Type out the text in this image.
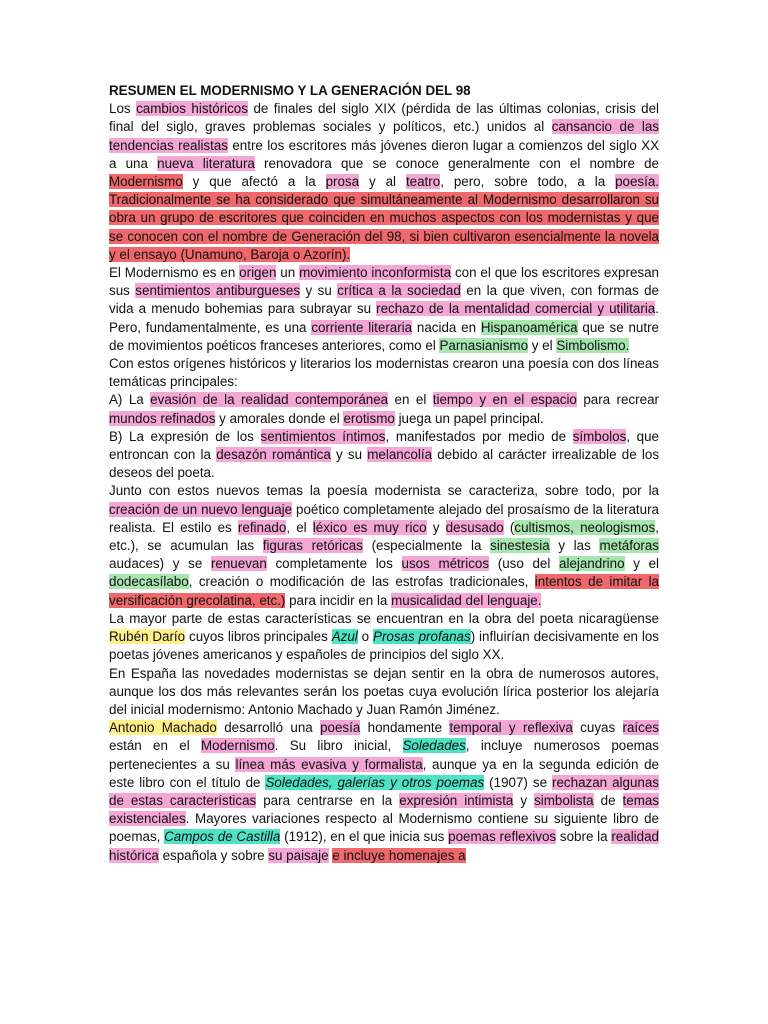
RESUMEN EL MODERNISMO Y LA GENERACIÓN DEL 98

Los cambios históricos de finales del siglo XIX (pérdida de las últimas colonias, crisis del final del siglo, graves problemas sociales y políticos, etc.) unidos al cansancio de las tendencias realistas entre los escritores más jóvenes dieron lugar a comienzos del siglo XX a una nueva literatura renovadora que se conoce generalmente con el nombre de Modernismo y que afectó a la prosa y al teatro, pero, sobre todo, a la poesía. Tradicionalmente se ha considerado que simultáneamente al Modernismo desarrollaron su obra un grupo de escritores que coinciden en muchos aspectos con los modernistas y que se conocen con el nombre de Generación del 98, si bien cultivaron esencialmente la novela y el ensayo (Unamuno, Baroja o Azorín).

El Modernismo es en origen un movimiento inconformista con el que los escritores expresan sus sentimientos antiburgueses y su crítica a la sociedad en la que viven, con formas de vida a menudo bohemias para subrayar su rechazo de la mentalidad comercial y utilitaria. Pero, fundamentalmente, es una corriente literaria nacida en Hispanoamérica que se nutre de movimientos poéticos franceses anteriores, como el Parnasianismo y el Simbolismo.

Con estos orígenes históricos y literarios los modernistas crearon una poesía con dos líneas temáticas principales:

A) La evasión de la realidad contemporánea en el tiempo y en el espacio para recrear mundos refinados y amorales donde el erotismo juega un papel principal.

B) La expresión de los sentimientos íntimos, manifestados por medio de símbolos, que entroncan con la desazón romántica y su melancolía debido al carácter irrealizable de los deseos del poeta.

Junto con estos nuevos temas la poesía modernista se caracteriza, sobre todo, por la creación de un nuevo lenguaje poético completamente alejado del prosaísmo de la literatura realista. El estilo es refinado, el léxico es muy rico y desusado (cultismos, neologismos, etc.), se acumulan las figuras retóricas (especialmente la sinestesia y las metáforas audaces) y se renuevan completamente los usos métricos (uso del alejandrino y el dodecasílabo, creación o modificación de las estrofas tradicionales, intentos de imitar la versificación grecolatina, etc.) para incidir en la musicalidad del lenguaje.

La mayor parte de estas características se encuentran en la obra del poeta nicaragüense Rubén Darío cuyos libros principales Azul o Prosas profanas) influirían decisivamente en los poetas jóvenes americanos y españoles de principios del siglo XX.

En España las novedades modernistas se dejan sentir en la obra de numerosos autores, aunque los dos más relevantes serán los poetas cuya evolución lírica posterior los alejaría del inicial modernismo: Antonio Machado y Juan Ramón Jiménez.

Antonio Machado desarrolló una poesía hondamente temporal y reflexiva cuyas raíces están en el Modernismo. Su libro inicial, Soledades, incluye numerosos poemas pertenecientes a su línea más evasiva y formalista, aunque ya en la segunda edición de este libro con el título de Soledades, galerías y otros poemas (1907) se rechazan algunas de estas características para centrarse en la expresión intimista y simbolista de temas existenciales. Mayores variaciones respecto al Modernismo contiene su siguiente libro de poemas, Campos de Castilla (1912), en el que inicia sus poemas reflexivos sobre la realidad histórica española y sobre su paisaje e incluye homenajes a
